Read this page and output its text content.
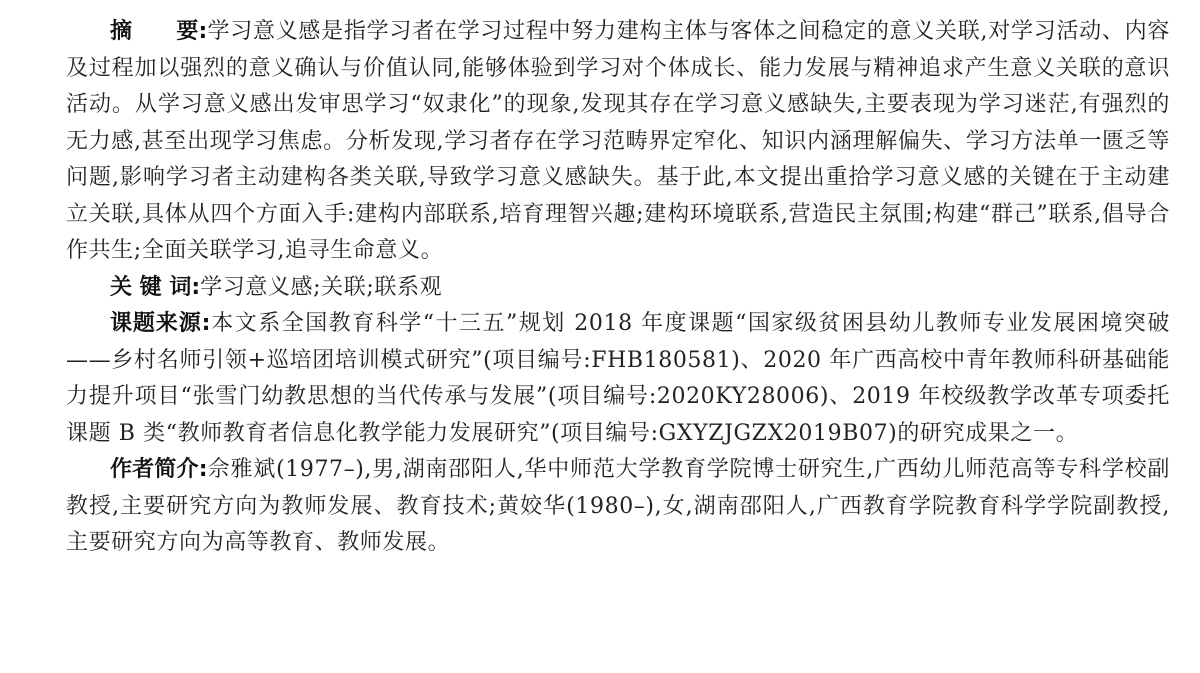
摘　　要:学习意义感是指学习者在学习过程中努力建构主体与客体之间稳定的意义关联,对学习活动、内容及过程加以强烈的意义确认与价值认同,能够体验到学习对个体成长、能力发展与精神追求产生意义关联的意识活动。从学习意义感出发审思学习“奴隶化”的现象,发现其存在学习意义感缺失,主要表现为学习迷茫,有强烈的无力感,甚至出现学习焦虑。分析发现,学习者存在学习范畴界定窄化、知识内涵理解偏失、学习方法单一匮乏等问题,影响学习者主动建构各类关联,导致学习意义感缺失。基于此,本文提出重拾学习意义感的关键在于主动建立关联,具体从四个方面入手:建构内部联系,培育理智兴趣;建构环境联系,营造民主氛围;构建“群己”联系,倡导合作共生;全面关联学习,追寻生命意义。

关 键 词:学习意义感;关联;联系观

课题来源:本文系全国教育科学“十三五”规划 2018 年度课题“国家级贫困县幼儿教师专业发展困境突破——乡村名师引领+巡培团培训模式研究”(项目编号:FHB180581)、2020 年广西高校中青年教师科研基础能力提升项目“张雪门幼教思想的当代传承与发展”(项目编号:2020KY28006)、2019 年校级教学改革专项委托课题 B 类“教师教育者信息化教学能力发展研究”(项目编号:GXYZJGZX2019B07)的研究成果之一。

作者简介:佘雅斌(1977–),男,湖南邵阳人,华中师范大学教育学院博士研究生,广西幼儿师范高等专科学校副教授,主要研究方向为教师发展、教育技术;黄姣华(1980–),女,湖南邵阳人,广西教育学院教育科学学院副教授,主要研究方向为高等教育、教师发展。
